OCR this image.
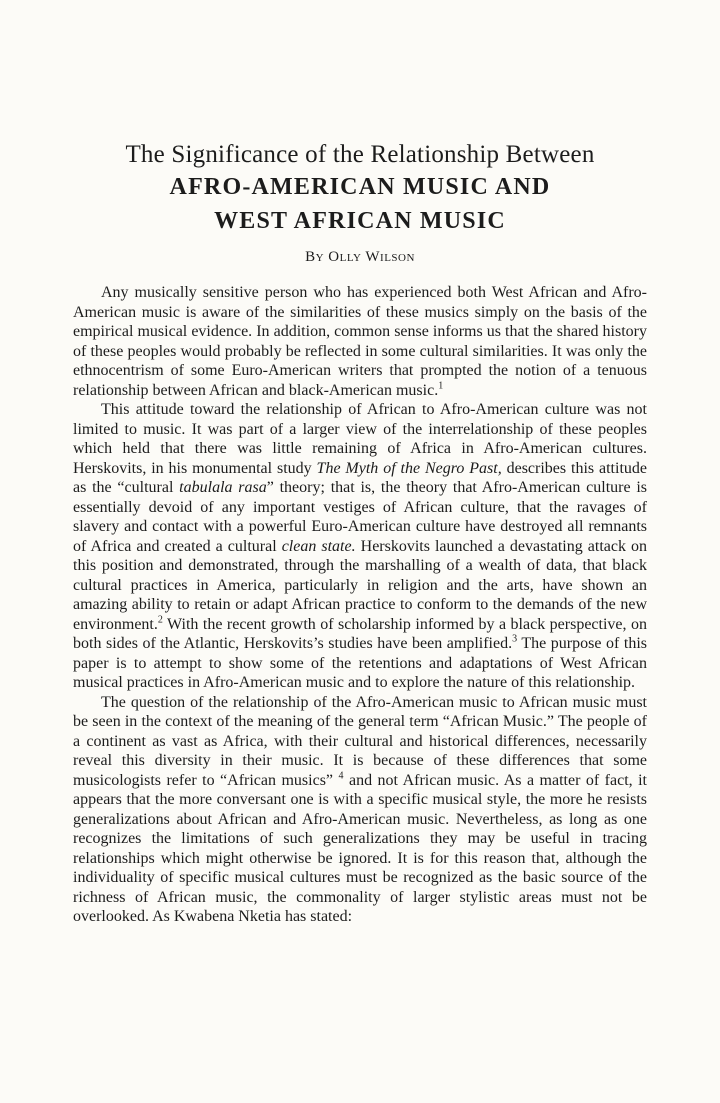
The Significance of the Relationship Between
AFRO-AMERICAN MUSIC AND
WEST AFRICAN MUSIC
By Olly Wilson

Any musically sensitive person who has experienced both West African and Afro-American music is aware of the similarities of these musics simply on the basis of the empirical musical evidence. In addition, common sense informs us that the shared history of these peoples would probably be reflected in some cultural similarities. It was only the ethnocentrism of some Euro-American writers that prompted the notion of a tenuous relationship between African and black-American music.$^1$

This attitude toward the relationship of African to Afro-American culture was not limited to music. It was part of a larger view of the interrelationship of these peoples which held that there was little remaining of Africa in Afro-American cultures. Herskovits, in his monumental study The Myth of the Negro Past, describes this attitude as the “cultural tabulala rasa” theory; that is, the theory that Afro-American culture is essentially devoid of any important vestiges of African culture, that the ravages of slavery and contact with a powerful Euro-American culture have destroyed all remnants of Africa and created a cultural clean state. Herskovits launched a devastating attack on this position and demonstrated, through the marshalling of a wealth of data, that black cultural practices in America, particularly in religion and the arts, have shown an amazing ability to retain or adapt African practice to conform to the demands of the new environment.$^2$ With the recent growth of scholarship informed by a black perspective, on both sides of the Atlantic, Herskovits’s studies have been amplified.$^3$ The purpose of this paper is to attempt to show some of the retentions and adaptations of West African musical practices in Afro-American music and to explore the nature of this relationship.

The question of the relationship of the Afro-American music to African music must be seen in the context of the meaning of the general term “African Music.” The people of a continent as vast as Africa, with their cultural and historical differences, necessarily reveal this diversity in their music. It is because of these differences that some musicologists refer to “African musics” $^4$ and not African music. As a matter of fact, it appears that the more conversant one is with a specific musical style, the more he resists generalizations about African and Afro-American music. Nevertheless, as long as one recognizes the limitations of such generalizations they may be useful in tracing relationships which might otherwise be ignored. It is for this reason that, although the individuality of specific musical cultures must be recognized as the basic source of the richness of African music, the commonality of larger stylistic areas must not be overlooked. As Kwabena Nketia has stated:
